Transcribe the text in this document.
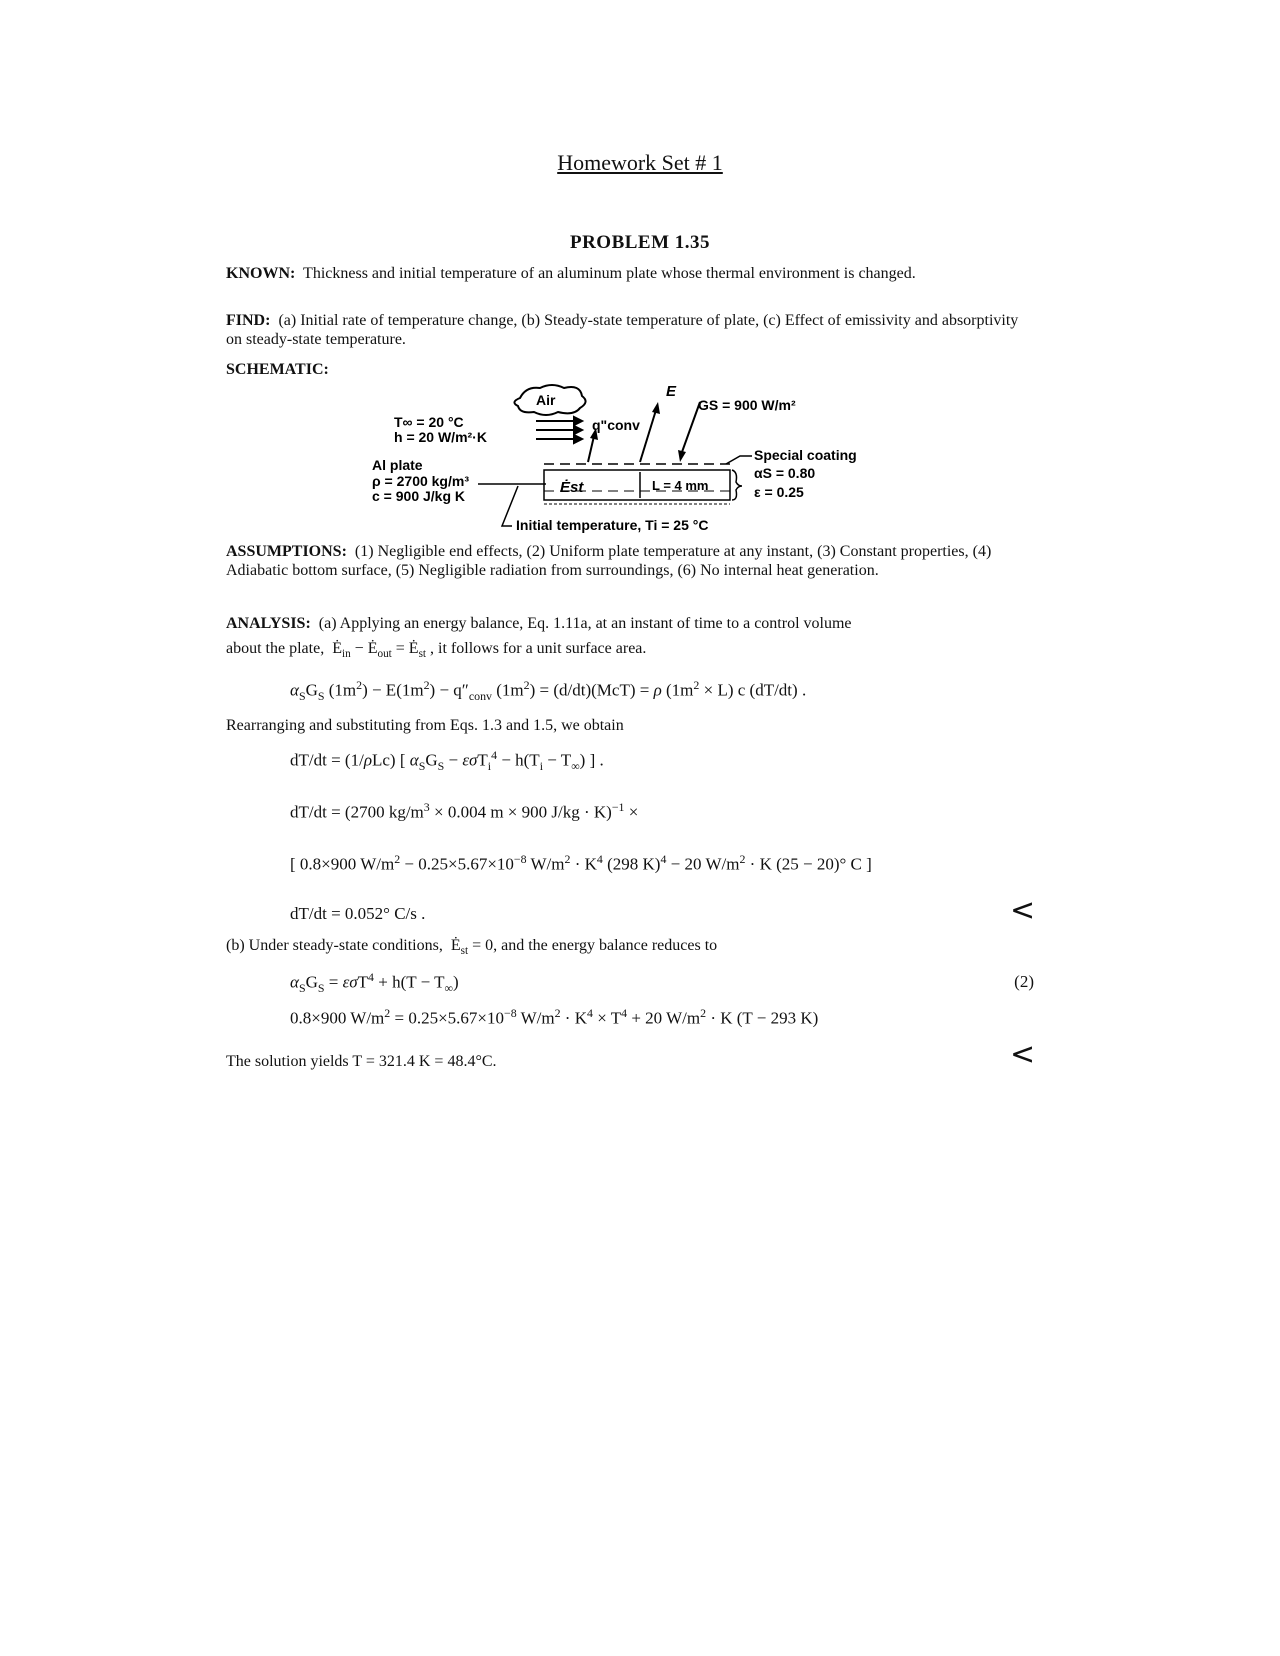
Homework Set # 1
PROBLEM 1.35
KNOWN: Thickness and initial temperature of an aluminum plate whose thermal environment is changed.
FIND: (a) Initial rate of temperature change, (b) Steady-state temperature of plate, (c) Effect of emissivity and absorptivity on steady-state temperature.
SCHEMATIC:
Air
T∞ = 20 °C
h = 20 W/m²·K
q"conv
E
GS = 900 W/m²
Ėst	L = 4 mm
Special coating
αS = 0.80
ε = 0.25
Al plate
ρ = 2700 kg/m³
c = 900 J/kg K
Initial temperature, Ti = 25 °C
ASSUMPTIONS: (1) Negligible end effects, (2) Uniform plate temperature at any instant, (3) Constant properties, (4) Adiabatic bottom surface, (5) Negligible radiation from surroundings, (6) No internal heat generation.
ANALYSIS: (a) Applying an energy balance, Eq. 1.11a, at an instant of time to a control volume
about the plate,  $Ė_{in}$ − $Ė_{out}$ = $Ė_{st}$ , it follows for a unit surface area.
$\alpha_SG_S$ $(1m^2) - E(1m^2) - q''_{conv}$ $(1m^2) = (d/dt)(McT) = \rho$ $(1m^2 \times L)$ c (dT/dt) .
Rearranging and substituting from Eqs. 1.3 and 1.5, we obtain
dT/dt = (1/ρLc) [ $\alpha_SG_S - \varepsilon\sigma T_i^4 - h(T_i - T_\infty)$ ] .
dT/dt = (2700 $kg/m^3 \times 0.004$ m × 900 J/kg · K)$^{-1}$ ×
[ 0.8×900 $W/m^2 - 0.25\times 5.67\times 10^{-8}$ $W/m^2 \cdot K^4$ (298 K)$^4$ − 20 $W/m^2 \cdot K$ (25 − 20)° C ]
dT/dt = 0.052° C/s .	<
(b) Under steady-state conditions,  $Ė_{st} = 0$, and the energy balance reduces to
$\alpha_SG_S = \varepsilon\sigma T^4 + h(T - T_\infty)$	(2)
0.8×900 $W/m^2 = 0.25\times 5.67\times 10^{-8}$ $W/m^2 \cdot K^4 \times T^4 + 20$ $W/m^2 \cdot K$ (T − 293 K)
The solution yields T = 321.4 K = 48.4°C.	<
